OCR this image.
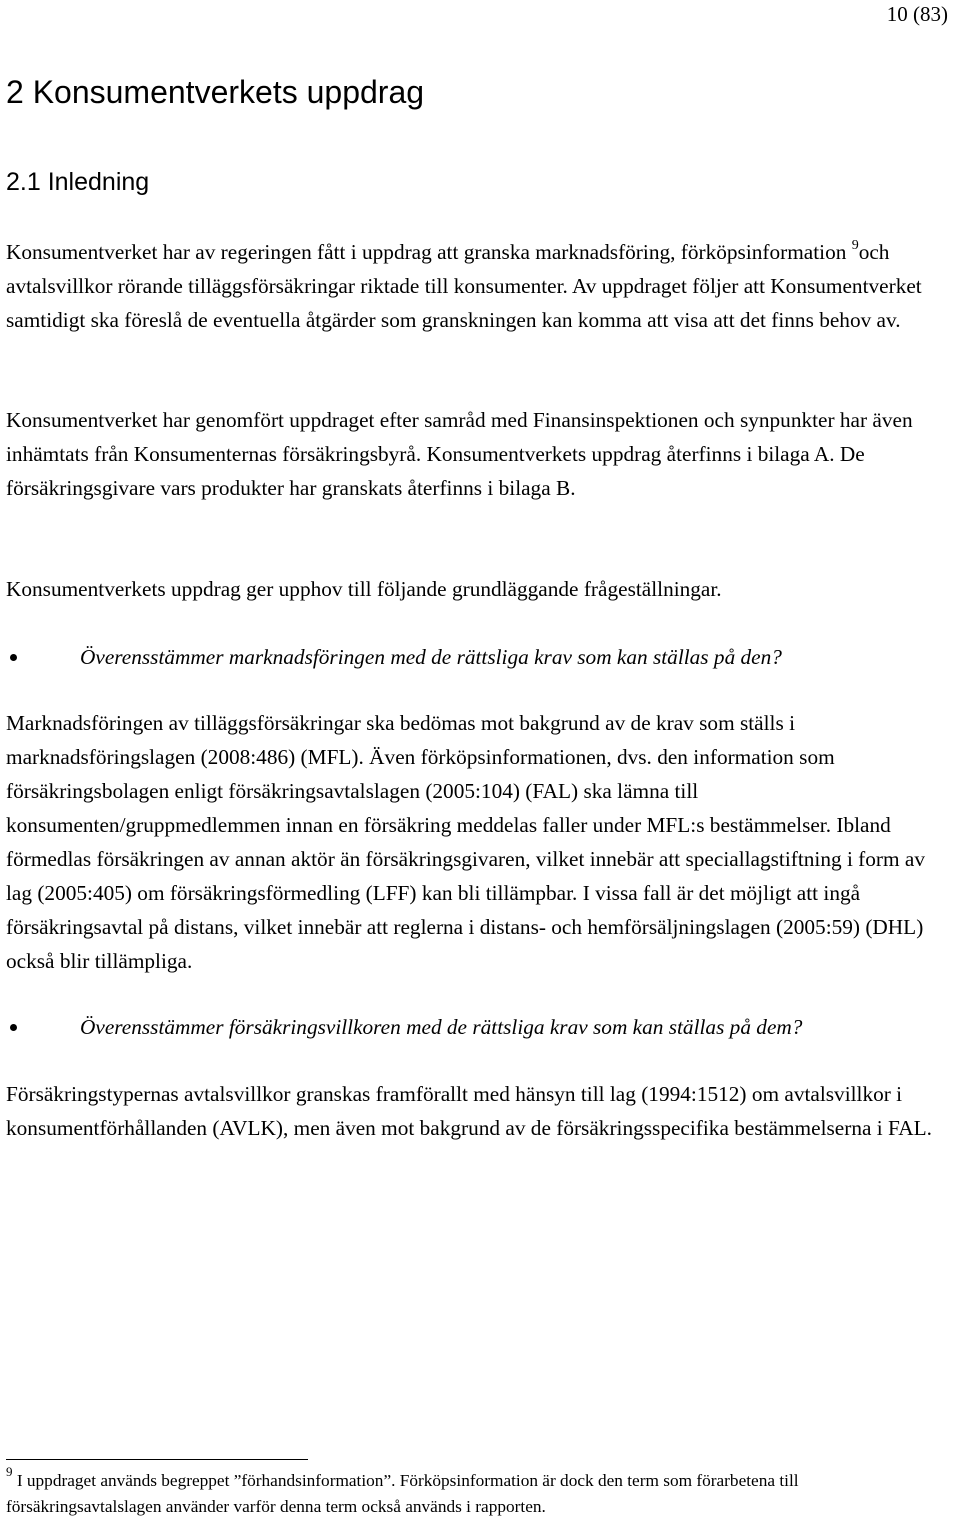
10 (83)
2 Konsumentverkets uppdrag
2.1 Inledning

Konsumentverket har av regeringen fått i uppdrag att granska marknadsföring, förköpsinformation $^9$och avtalsvillkor rörande tilläggsförsäkringar riktade till konsumenter. Av uppdraget följer att Konsumentverket samtidigt ska föreslå de eventuella åtgärder som granskningen kan komma att visa att det finns behov av.

Konsumentverket har genomfört uppdraget efter samråd med Finansinspektionen och synpunkter har även inhämtats från Konsumenternas försäkringsbyrå. Konsumentverkets uppdrag återfinns i bilaga A. De försäkringsgivare vars produkter har granskats återfinns i bilaga B.

Konsumentverkets uppdrag ger upphov till följande grundläggande frågeställningar.

Överensstämmer marknadsföringen med de rättsliga krav som kan ställas på den?

Marknadsföringen av tilläggsförsäkringar ska bedömas mot bakgrund av de krav som ställs i marknadsföringslagen (2008:486) (MFL). Även förköpsinformationen, dvs. den information som försäkringsbolagen enligt försäkringsavtalslagen (2005:104) (FAL) ska lämna till konsumenten/gruppmedlemmen innan en försäkring meddelas faller under MFL:s bestämmelser. Ibland förmedlas försäkringen av annan aktör än försäkringsgivaren, vilket innebär att speciallagstiftning i form av lag (2005:405) om försäkringsförmedling (LFF) kan bli tillämpbar. I vissa fall är det möjligt att ingå försäkringsavtal på distans, vilket innebär att reglerna i distans- och hemförsäljningslagen (2005:59) (DHL) också blir tillämpliga.

Överensstämmer försäkringsvillkoren med de rättsliga krav som kan ställas på dem?

Försäkringstypernas avtalsvillkor granskas framförallt med hänsyn till lag (1994:1512) om avtalsvillkor i konsumentförhållanden (AVLK), men även mot bakgrund av de försäkringsspecifika bestämmelserna i FAL.

$^9$ I uppdraget används begreppet ”förhandsinformation”. Förköpsinformation är dock den term som förarbetena till försäkringsavtalslagen använder varför denna term också används i rapporten.
